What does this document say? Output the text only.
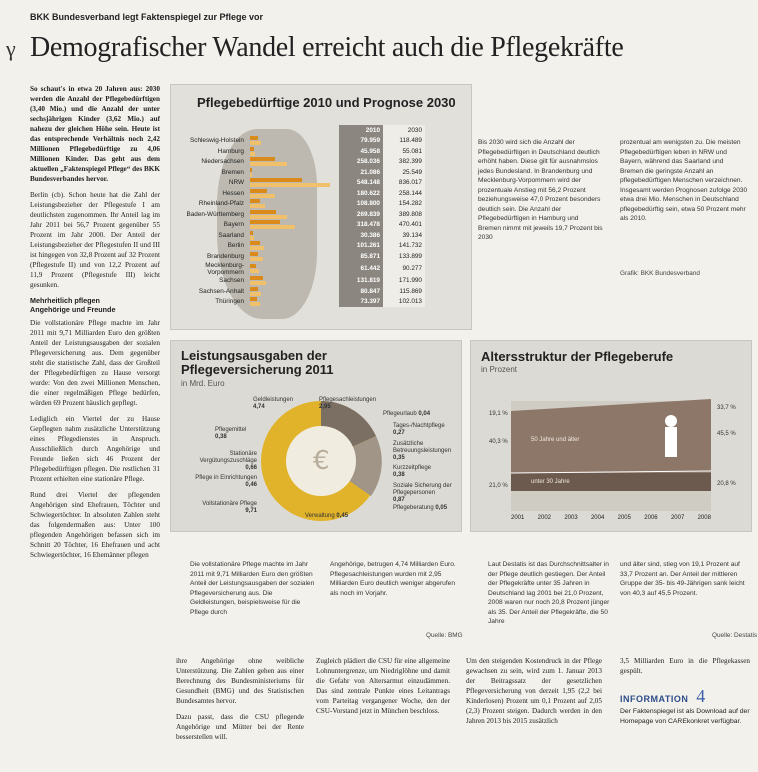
BKK Bundesverband legt Faktenspiegel zur Pflege vor
γ Demografischer Wandel erreicht auch die Pflegekräfte

So schaut's in etwa 20 Jahren aus: 2030 werden die Anzahl der Pflegebedürftigen (3,40 Mio.) und die Anzahl der unter sechsjährigen Kinder (3,62 Mio.) auf nahezu der gleichen Höhe sein. Heute ist das entsprechende Verhältnis noch 2,42 Millionen Pflegebedürftige zu 4,06 Millionen Kinder. Das geht aus dem aktuellen „Faktenspiegel Pflege“ des BKK Bundesverbandes hervor.

Berlin (cb). Schon heute hat die Zahl der Leistungsbezieher der Pflegestufe I am deutlichsten zugenommen. Ihr Anteil lag im Jahr 2011 bei 56,7 Prozent gegenüber 55 Prozent im Jahr 2000. Der Anteil der Leistungsbezieher der Pflegestufen II und III ist hingegen von 32,8 Prozent auf 32 Prozent (Pflegestufe II) und von 12,2 Prozent auf 11,9 Prozent (Pflegestufe III) leicht gesunken.

Mehrheitlich pflegen
Angehörige und Freunde

Die vollstationäre Pflege machte im Jahr 2011 mit 9,71 Milliarden Euro den größten Anteil der Leistungsausgaben der sozialen Pflegeversicherung aus. Dem gegenüber steht die statistische Zahl, dass der Großteil der Pflegebedürftigen zu Hause versorgt wurde: Von den zwei Millionen Menschen, die einer regelmäßigen Pflege bedürfen, würden 69 Prozent häuslich gepflegt.

Lediglich ein Viertel der zu Hause Gepflegten nahm zusätzliche Unterstützung eines Pflegedienstes in Anspruch. Ausschließlich durch Angehörige und Freunde ließen sich 46 Prozent der Pflegebedürftigen pflegen. Die restlichen 31 Prozent erhielten eine stationäre Pflege.

Rund drei Viertel der pflegenden Angehörigen sind Ehefrauen, Töchter und Schwiegertöchter. In absoluten Zahlen steht das folgendermaßen aus: Unter 100 pflegenden Angehörigen befassen sich im Schnitt 20 Töchter, 16 Ehefrauen und acht Schwiegertöchter, 16 Ehemänner pflegen

Pflegebedürftige 2010 und Prognose 2030
		2010	2030
Schleswig-Holstein		79.959	118.489
Hamburg		45.958	55.081
Niedersachsen		258.036	382.399
Bremen		21.086	25.549
NRW		548.148	836.017
Hessen		180.622	258.144
Rheinland-Pfalz		108.800	154.282
Baden-Württemberg		269.839	389.808
Bayern		318.478	470.401
Saarland		30.386	39.134
Berlin		101.261	141.732
Brandenburg		85.871	133.899
Mecklenburg-Vorpommern		61.442	90.277
Sachsen		131.819	171.990
Sachsen-Anhalt		80.847	115.869
Thüringen		73.397	102.013
Bis 2030 wird sich die Anzahl der Pflegebedürftigen in Deutschland deutlich erhöht haben. Diese gilt für ausnahmslos jedes Bundesland. In Brandenburg und Mecklenburg-Vorpommern wird der prozentuale Anstieg mit 56,2 Prozent beziehungsweise 47,0 Prozent besonders deutlich sein. Die Anzahl der Pflegebedürftigen in Hamburg und Bremen nimmt mit jeweils 19,7 Prozent bis 2030
prozentual am wenigsten zu. Die meisten Pflegebedürftigen leben in NRW und Bayern, während das Saarland und Bremen die geringste Anzahl an pflegebedürftigen Menschen verzeichnen. Insgesamt werden Prognosen zufolge 2030 etwa drei Mio. Menschen in Deutschland pflegebedürftig sein, etwa 50 Prozent mehr als 2010.
Grafik: BKK Bundesverband
Leistungsausgaben der Pflegeversicherung 2011
in Mrd. Euro
€
Geldleistungen
4,74
Pflegesachleistungen
2,95
Pflegeurlaub 0,04
Pflegemittel
0,38
Tages-/Nachtpflege
0,27
Zusätzliche Betreuungsleistungen
0,35
Kurzzeitpflege
0,38
Soziale Sicherung der Pflegepersonen
0,87
Pflege in Einrichtungen
0,46
Vollstationäre Pflege
9,71
Stationäre Vergütungszuschläge
0,66
Pflegeberatung 0,05
Verwaltung 0,45
Altersstruktur der Pflegeberufe
in Prozent
50 Jahre und älter
unter 30 Jahre
19,1 %
40,3 %
21,0 %
33,7 %
45,5 %
20,8 %
2001 2002 2003 2004 2005 2006 2007 2008
Die vollstationäre Pflege machte im Jahr 2011 mit 9,71 Milliarden Euro den größten Anteil der Leistungsausgaben der sozialen Pflegeversicherung aus. Die Geldleistungen, beispielsweise für die Pflege durch
Angehörige, betrugen 4,74 Milliarden Euro. Pflegesachleistungen wurden mit 2,95 Milliarden Euro deutlich weniger abgerufen als noch im Vorjahr.
Quelle: BMG
Laut Destatis ist das Durchschnittsalter in der Pflege deutlich gestiegen. Der Anteil der Pflegekräfte unter 35 Jahren in Deutschland lag 2001 bei 21,0 Prozent, 2008 waren nur noch 20,8 Prozent jünger als 35. Der Anteil der Pflegekräfte, die 50 Jahre
und älter sind, stieg von 19,1 Prozent auf 33,7 Prozent an. Der Anteil der mittleren Gruppe der 35- bis 49-Jährigen sank leicht von 40,3 auf 45,5 Prozent.
Quelle: Destatis

ihre Angehörige ohne weibliche Unterstützung. Die Zahlen gehen aus einer Berechnung des Bundesministeriums für Gesundheit (BMG) und des Statistischen Bundesamtes hervor.

Dazu passt, dass die CSU pflegende Angehörige und Mütter bei der Rente besserstellen will.

Zugleich plädiert die CSU für eine allgemeine Lohnuntergrenze, um Niedriglöhne und damit die Gefahr von Altersarmut einzudämmen. Das sind zentrale Punkte eines Leitantrags vom Parteitag vergangener Woche, den der CSU-Vorstand jetzt in München beschloss.

Um den steigenden Kostendruck in der Pflege gewachsen zu sein, wird zum 1. Januar 2013 der Beitragssatz der gesetzlichen Pflegeversicherung von derzeit 1,95 (2,2 bei Kinderlosen) Prozent um 0,1 Prozent auf 2,05 (2,3) Prozent steigen. Dadurch werden in den Jahren 2013 bis 2015 zusätzlich

3,5 Milliarden Euro in die Pflegekassen gespült.

INFORMATION 4
Der Faktenspiegel ist als Download auf der Homepage von CAREkonkret verfügbar.
